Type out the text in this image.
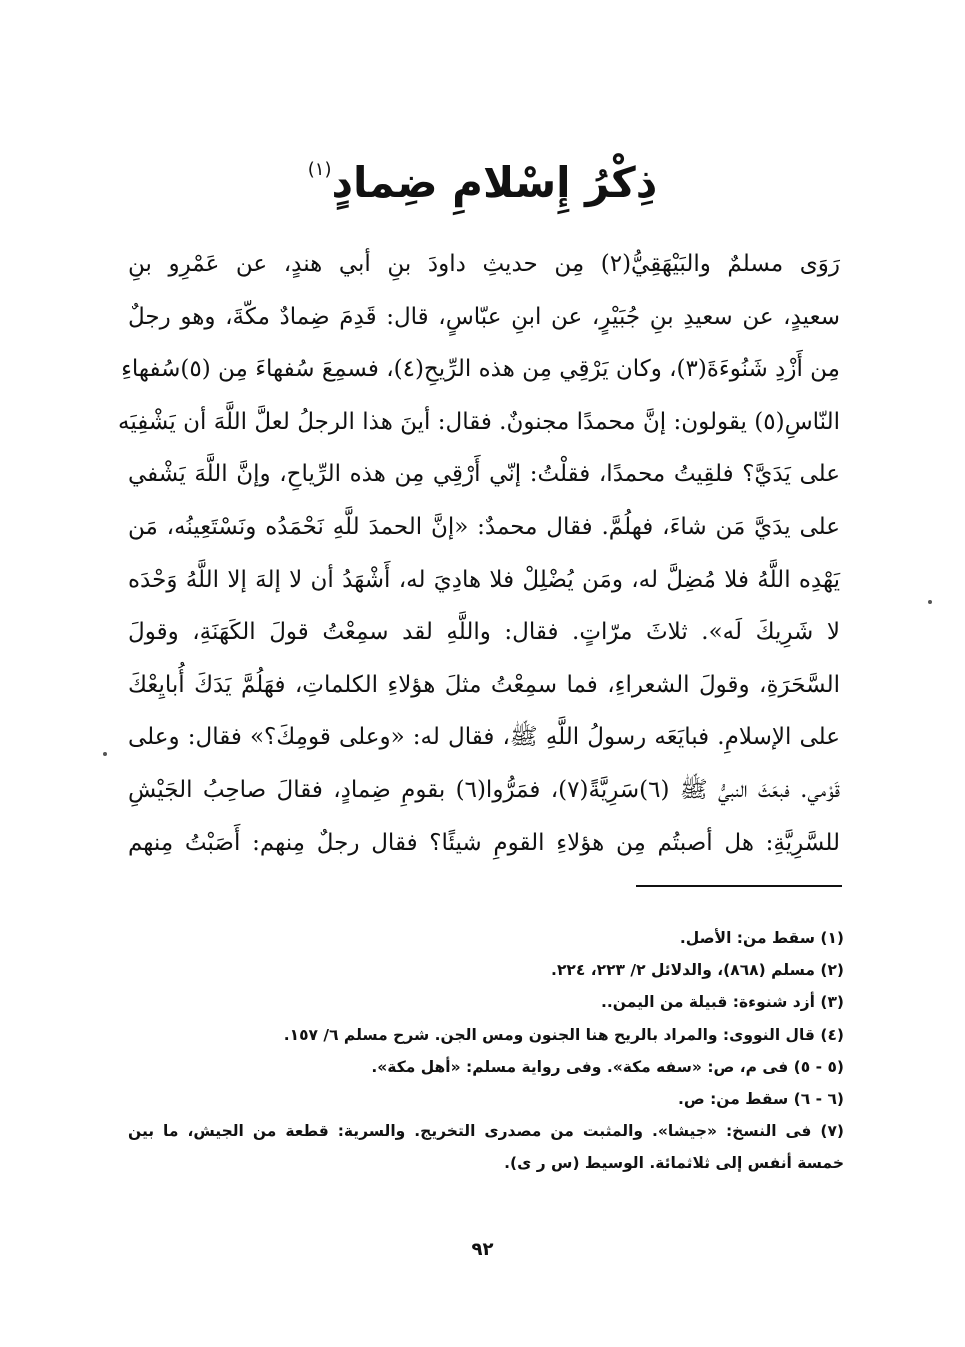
ذِكْرُ إِسْلامِ ضِمادٍ$^{(١)}$
رَوَى مسلمٌ والبَيْهَقِيُّ(٢) مِن حديثِ داودَ بنِ أبي هندٍ، عن عَمْرِو بنِ
سعيدٍ، عن سعيدِ بنِ جُبَيْرٍ، عن ابنِ عبّاسٍ، قال: قَدِمَ ضِمادٌ مكّةَ، وهو رجلٌ
مِن أَزْدِ شَنُوءَةَ(٣)، وكان يَرْقِي مِن هذه الرِّيحِ(٤)، فسمِعَ سُفهاءَ مِن (٥)سُفهاءِ
النّاسِ(٥) يقولون: إنَّ محمدًا مجنونٌ. فقال: أينَ هذا الرجلُ لعلَّ اللَّهَ أن يَشْفِيَه
على يَدَيَّ؟ فلقِيتُ محمدًا، فقلْتُ: إنّي أَرْقِي مِن هذه الرِّياحِ، وإنَّ اللَّهَ يَشْفي
على يدَيَّ مَن شاءَ، فهلُمَّ. فقال محمدٌ: «إنَّ الحمدَ للَّهِ نَحْمَدُه ونَسْتَعِينُه، مَن
يَهْدِه اللَّهُ فلا مُضِلَّ له، ومَن يُضْلِلْ فلا هادِيَ له، أَشْهَدُ أن لا إلهَ إلا اللَّهُ وَحْدَه
لا شَرِيكَ لَه». ثلاثَ مرّاتٍ. فقال: واللَّهِ لقد سمِعْتُ قولَ الكَهَنَةِ، وقولَ
السَّحَرَةِ، وقولَ الشعراءِ، فما سمِعْتُ مثلَ هؤلاءِ الكلماتِ، فهَلُمَّ يَدَكَ أُبايِعْكَ
على الإسلامِ. فبايَعَه رسولُ اللَّهِ ﷺ، فقال له: «وعلى قومِكَ؟» فقال: وعلى
قَوْمي. فبعَثَ النبيُّ ﷺ (٦)سَرِيَّةً(٧)، فمَرُّوا(٦) بقومِ ضِمادٍ، فقالَ صاحِبُ الجَيْشِ
للسَّرِيَّةِ: هل أصبتُم مِن هؤلاءِ القومِ شيئًا؟ فقال رجلٌ مِنهم: أَصَبْتُ مِنهم
(١) سقط من: الأصل.
(٢) مسلم (٨٦٨)، والدلائل ٢/ ٢٢٣، ٢٢٤.
(٣) أزد شنوءة: قبيلة من اليمن..
(٤) قال النووى: والمراد بالريح هنا الجنون ومس الجن. شرح مسلم ٦/ ١٥٧.
(٥ - ٥) فى م، ص: «سفه مكة». وفى رواية مسلم: «أهل مكة».
(٦ - ٦) سقط من: ص.
(٧) فى النسخ: «جيشا». والمثبت من مصدرى التخريج. والسرية: قطعة من الجيش، ما بين خمسة أنفس إلى ثلاثمائة. الوسيط (س ر ى).
٩٢
